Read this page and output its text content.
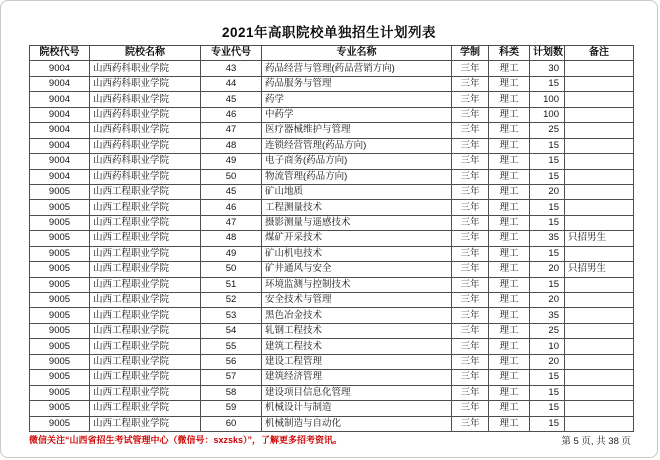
2021年高职院校单独招生计划列表
院校代号	院校名称	专业代号	专业名称	学制	科类	计划数	备注
9004	山西药科职业学院	43	药品经营与管理(药品营销方向)	三年	理工	30	
9004	山西药科职业学院	44	药品服务与管理	三年	理工	15	
9004	山西药科职业学院	45	药学	三年	理工	100	
9004	山西药科职业学院	46	中药学	三年	理工	100	
9004	山西药科职业学院	47	医疗器械维护与管理	三年	理工	25	
9004	山西药科职业学院	48	连锁经营管理(药品方向)	三年	理工	15	
9004	山西药科职业学院	49	电子商务(药品方向)	三年	理工	15	
9004	山西药科职业学院	50	物流管理(药品方向)	三年	理工	15	
9005	山西工程职业学院	45	矿山地质	三年	理工	20	
9005	山西工程职业学院	46	工程测量技术	三年	理工	15	
9005	山西工程职业学院	47	摄影测量与遥感技术	三年	理工	15	
9005	山西工程职业学院	48	煤矿开采技术	三年	理工	35	只招男生
9005	山西工程职业学院	49	矿山机电技术	三年	理工	15	
9005	山西工程职业学院	50	矿井通风与安全	三年	理工	20	只招男生
9005	山西工程职业学院	51	环境监测与控制技术	三年	理工	15	
9005	山西工程职业学院	52	安全技术与管理	三年	理工	20	
9005	山西工程职业学院	53	黑色冶金技术	三年	理工	35	
9005	山西工程职业学院	54	轧钢工程技术	三年	理工	25	
9005	山西工程职业学院	55	建筑工程技术	三年	理工	10	
9005	山西工程职业学院	56	建设工程管理	三年	理工	20	
9005	山西工程职业学院	57	建筑经济管理	三年	理工	15	
9005	山西工程职业学院	58	建设项目信息化管理	三年	理工	15	
9005	山西工程职业学院	59	机械设计与制造	三年	理工	15	
9005	山西工程职业学院	60	机械制造与自动化	三年	理工	15	
微信关注“山西省招生考试管理中心（微信号：sxzsks）”，了解更多招考资讯。	第 5 页, 共 38 页
